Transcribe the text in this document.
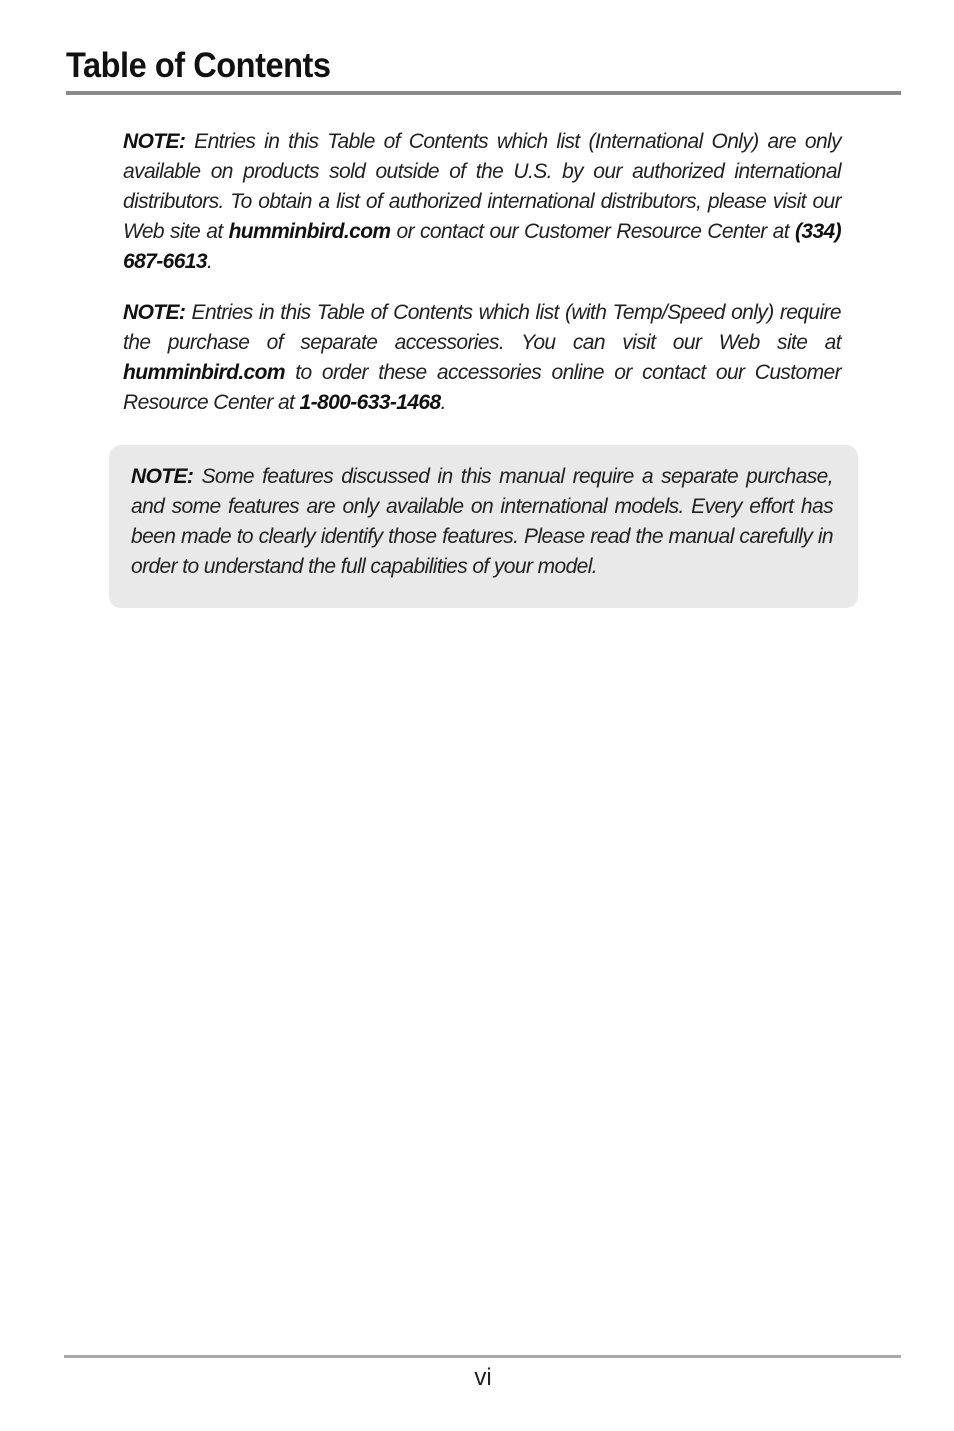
Table of Contents

NOTE: Entries in this Table of Contents which list (International Only) are only available on products sold outside of the U.S. by our authorized international distributors. To obtain a list of authorized international distributors, please visit our Web site at humminbird.com or contact our Customer Resource Center at (334) 687-6613.

NOTE: Entries in this Table of Contents which list (with Temp/Speed only) require the purchase of separate accessories. You can visit our Web site at humminbird.com to order these accessories online or contact our Customer Resource Center at 1-800-633-1468.

NOTE: Some features discussed in this manual require a separate purchase, and some features are only available on international models. Every effort has been made to clearly identify those features. Please read the manual carefully in order to understand the full capabilities of your model.

vi
